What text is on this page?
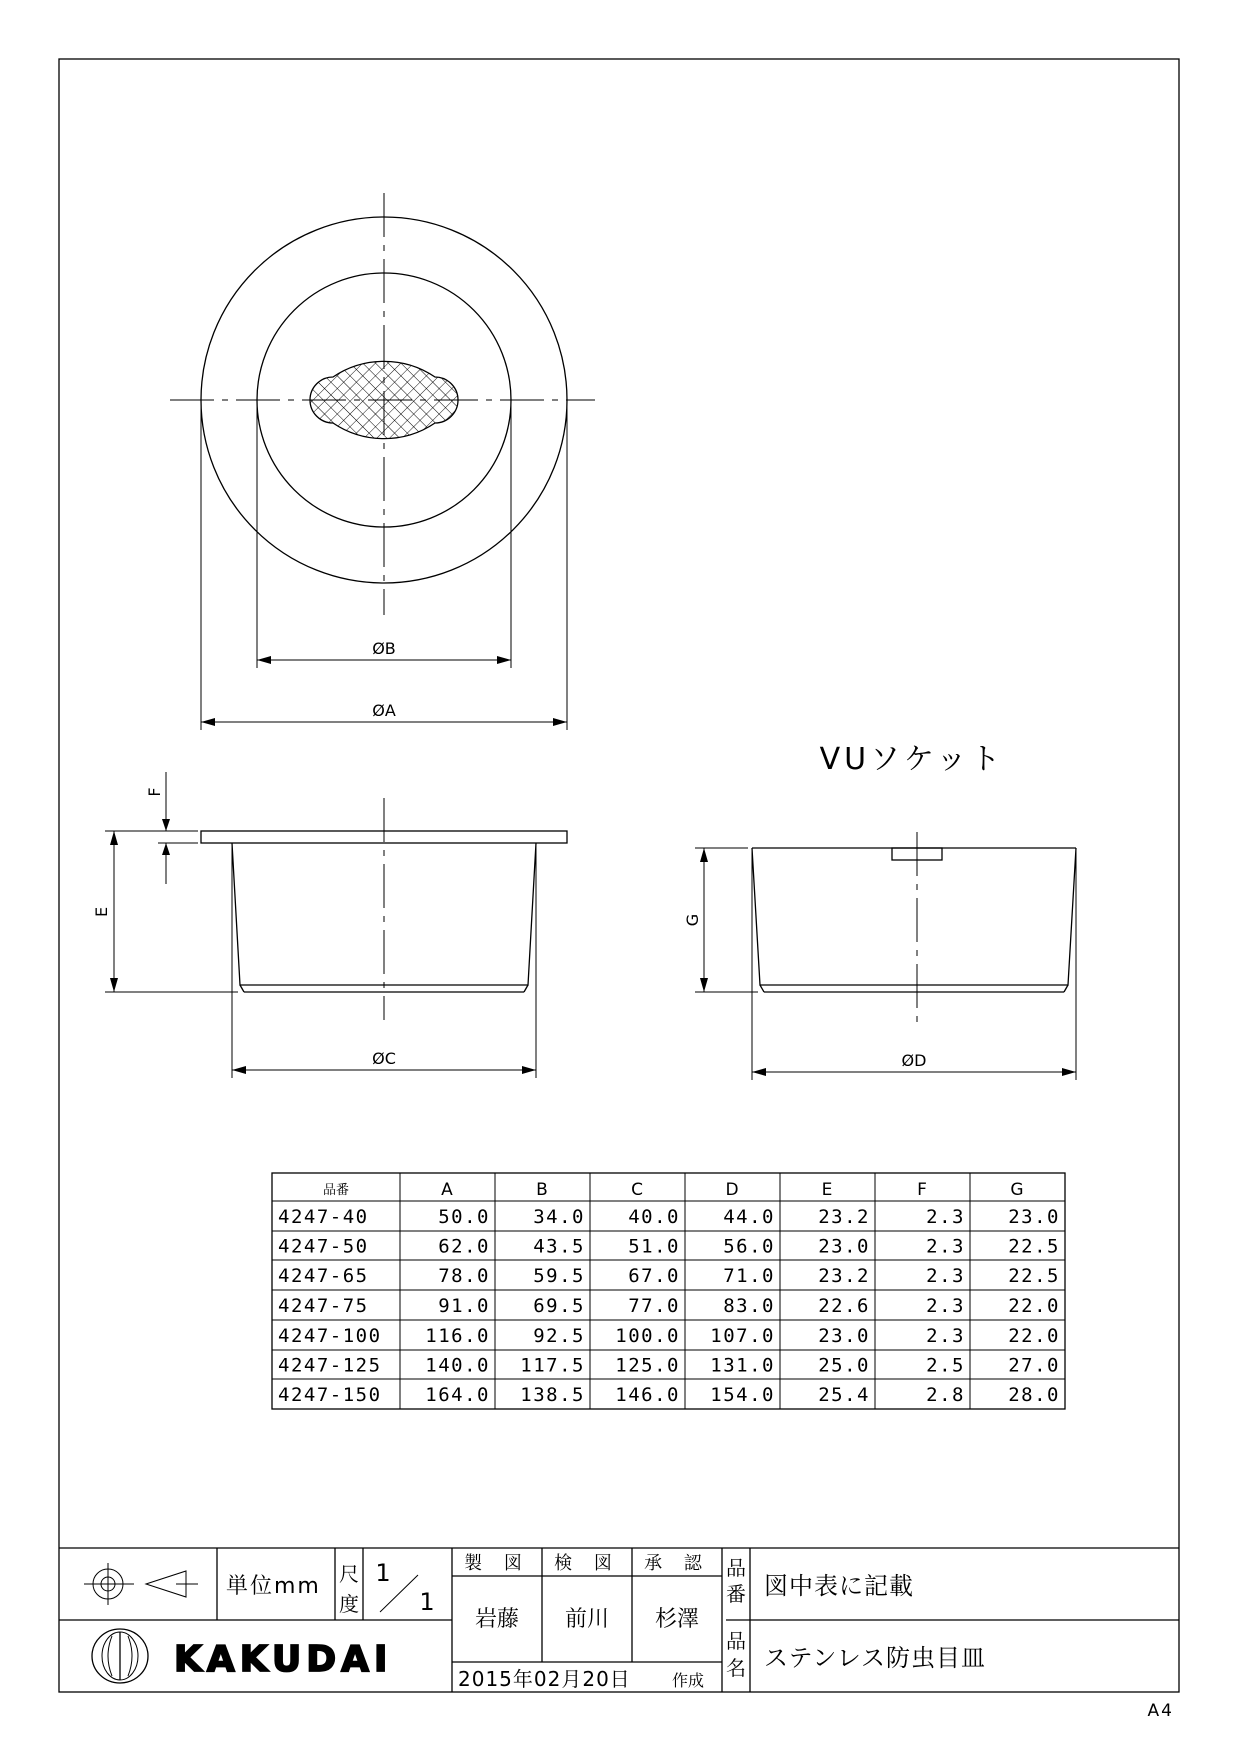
ØB
ØA
E
F
ØC
VUソケット
G
ØD
品番	A	B	C	D	E	F	G
4247-40	50.0 34.0 40.0 44.0 23.2	2.3 23.0
4247-50	62.0 43.5 51.0 56.0 23.0	2.3 22.5
4247-65	78.0 59.5 67.0 71.0 23.2	2.3 22.5
4247-75	91.0 69.5 77.0 83.0 22.6	2.3 22.0
4247-100 116.0 92.5 100.0 107.0 23.0	2.3 22.0
4247-125 140.0 117.5 125.0 131.0 25.0	2.5 27.0
4247-150 164.0 138.5 146.0 154.0 25.4	2.8 28.0
単位mm 尺
度
1
1
製 図 検 図 承 認
岩藤 前川 杉澤
品
番 図中表に記載
品
名 ステンレス防虫目皿
2015年02月20日	作成
KAKUDAI
A4
